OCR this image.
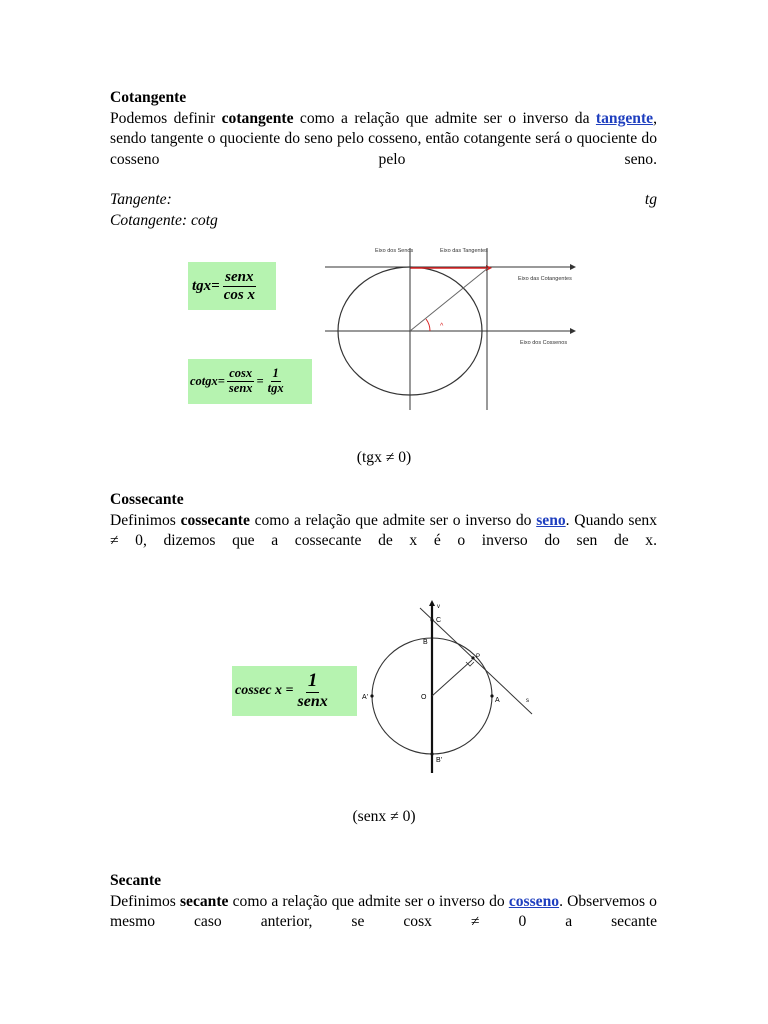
Cotangente

Podemos definir cotangente como a relação que admite ser o inverso da tangente, sendo tangente o quociente do seno pelo cosseno, então cotangente será o quociente do cosseno pelo seno.

Tangente:	tg
Cotangente: cotg
$tgx= \frac{\text{senx}}{\text{cos x}}$
cotgx= $\frac{\cos x}{\text{senx}} = \frac{1}{\text{tgx}}$
^
Eixo dos Senos	Eixo das Tangentes
Eixo das Cotangentes
Eixo dos Cossenos
(tgx ≠ 0)
Cossecante

Definimos cossecante como a relação que admite ser o inverso do seno. Quando senx ≠ 0, dizemos que a cossecante de x é o inverso do sen de x.

cossec $x = \frac{1}{\text{senx}}$
v
C
B
P
O
A'	A
B'
s
(senx ≠ 0)
Secante

Definimos secante como a relação que admite ser o inverso do cosseno. Observemos o mesmo caso anterior, se cosx ≠ 0 a secante
